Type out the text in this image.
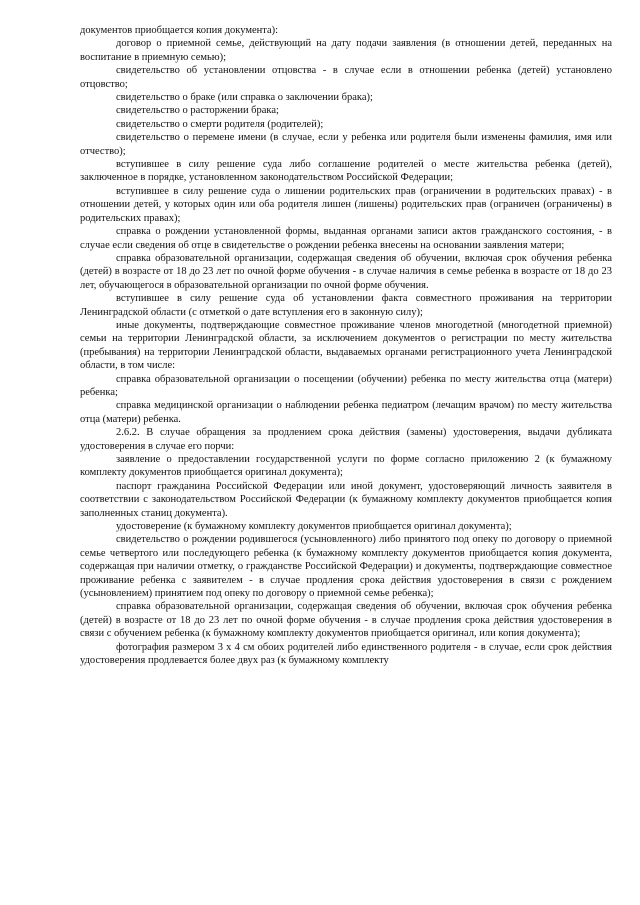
документов приобщается копия документа):

договор о приемной семье, действующий на дату подачи заявления (в отношении детей, переданных на воспитание в приемную семью);

свидетельство об установлении отцовства - в случае если в отношении ребенка (детей) установлено отцовство;

свидетельство о браке (или справка о заключении брака);

свидетельство о расторжении брака;

свидетельство о смерти родителя (родителей);

свидетельство о перемене имени (в случае, если у ребенка или родителя были изменены фамилия, имя или отчество);

вступившее в силу решение суда либо соглашение родителей о месте жительства ребенка (детей), заключенное в порядке, установленном законодательством Российской Федерации;

вступившее в силу решение суда о лишении родительских прав (ограничении в родительских правах) - в отношении детей, у которых один или оба родителя лишен (лишены) родительских прав (ограничен (ограничены) в родительских правах);

справка о рождении установленной формы, выданная органами записи актов гражданского состояния, - в случае если сведения об отце в свидетельстве о рождении ребенка внесены на основании заявления матери;

справка образовательной организации, содержащая сведения об обучении, включая срок обучения ребенка (детей) в возрасте от 18 до 23 лет по очной форме обучения - в случае наличия в семье ребенка в возрасте от 18 до 23 лет, обучающегося в образовательной организации по очной форме обучения.

вступившее в силу решение суда об установлении факта совместного проживания на территории Ленинградской области (с отметкой о дате вступления его в законную силу);

иные документы, подтверждающие совместное проживание членов многодетной (многодетной приемной) семьи на территории Ленинградской области, за исключением документов о регистрации по месту жительства (пребывания) на территории Ленинградской области, выдаваемых органами регистрационного учета Ленинградской области, в том числе:

справка образовательной организации о посещении (обучении) ребенка по месту жительства отца (матери) ребенка;

справка медицинской организации о наблюдении ребенка педиатром (лечащим врачом) по месту жительства отца (матери) ребенка.

2.6.2. В случае обращения за продлением срока действия (замены) удостоверения, выдачи дубликата удостоверения в случае его порчи:

заявление о предоставлении государственной услуги по форме согласно приложению 2 (к бумажному комплекту документов приобщается оригинал документа);

паспорт гражданина Российской Федерации или иной документ, удостоверяющий личность заявителя в соответствии с законодательством Российской Федерации (к бумажному комплекту документов приобщается копия заполненных станиц документа).

удостоверение (к бумажному комплекту документов приобщается оригинал документа);

свидетельство о рождении родившегося (усыновленного) либо принятого под опеку по договору о приемной семье четвертого или последующего ребенка (к бумажному комплекту документов приобщается копия документа, содержащая при наличии отметку, о гражданстве Российской Федерации) и документы, подтверждающие совместное проживание ребенка с заявителем - в случае продления срока действия удостоверения в связи с рождением (усыновлением) принятием под опеку по договору о приемной семье ребенка);

справка образовательной организации, содержащая сведения об обучении, включая срок обучения ребенка (детей) в возрасте от 18 до 23 лет по очной форме обучения - в случае продления срока действия удостоверения в связи с обучением ребенка (к бумажному комплекту документов приобщается оригинал, или копия документа);

фотография размером 3 х 4 см обоих родителей либо единственного родителя - в случае, если срок действия удостоверения продлевается более двух раз (к бумажному комплекту
